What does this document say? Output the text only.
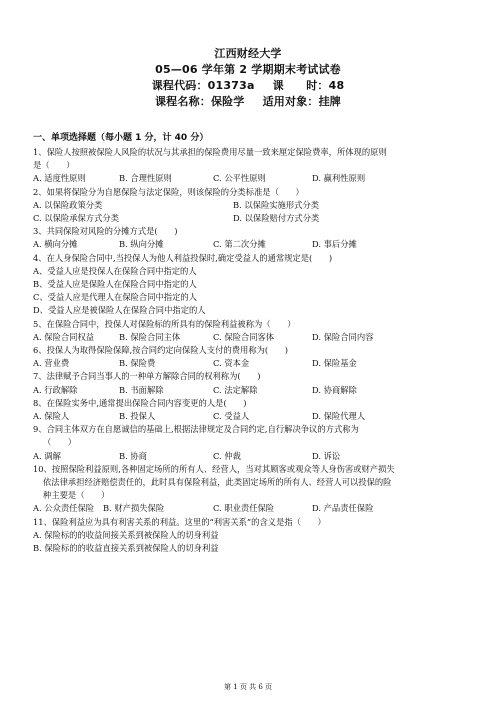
江西财经大学
05—06 学年第 2 学期期末考试试卷
课程代码：01373a 课　　时：48
课程名称：保险学 适用对象：挂牌
一、单项选择题（每小题 1 分，计 40 分）
1、保险人按照被保险人风险的状况与其承担的保险费用尽量一致来厘定保险费率，所体现的原则
是（　　）
A. 适度性原则	B. 合理性原则	C. 公平性原则	D. 赢利性原则
2、如果将保险分为自愿保险与法定保险，则该保险的分类标准是（　　）
A. 以保险政策分类	B. 以保险实施形式分类
C. 以保险承保方式分类	D. 以保险赔付方式分类
3、共同保险对风险的分摊方式是(　　)
A. 横向分摊	B. 纵向分摊	C. 第二次分摊	D. 事后分摊
4、在人身保险合同中,当投保人为他人利益投保时,确定受益人的通常规定是(　　)
A、受益人应是投保人在保险合同中指定的人
B、受益人应是保险人在保险合同中指定的人
C、受益人应是代理人在保险合同中指定的人
D、受益人应是被保险人在保险合同中指定的人
5、在保险合同中，投保人对保险标的所具有的保险利益被称为（　　）
A. 保险合同权益	B. 保险合同主体	C. 保险合同客体	D. 保险合同内容
6、投保人为取得保险保障,按合同约定向保险人支付的费用称为(　　)
A. 营业费	B. 保险费	C. 资本金	D. 保险基金
7、法律赋予合同当事人的一种单方解除合同的权利称为(　　)
A. 行政解除	B. 书面解除	C. 法定解除	D. 协商解除
8、在保险实务中,通常提出保险合同内容变更的人是(　　)
A. 保险人	B. 投保人	C. 受益人	D. 保险代理人
9、合同主体双方在自愿诚信的基础上,根据法律规定及合同约定,自行解决争议的方式称为
（　　）
A. 调解	B. 协商	C. 仲裁	D. 诉讼
10、按照保险利益原则,各种固定场所的所有人、经营人，当对其顾客或观众等人身伤害或财产损失
依法律承担经济赔偿责任的，此时具有保险利益，此类固定场所的所有人、经营人可以投保的险
种主要是（　　）
A. 公众责任保险	B. 财产损失保险	C. 职业责任保险	D. 产品责任保险
11、保险利益应为具有利害关系的利益。这里的“利害关系”的含义是指（　　）
A. 保险标的的收益间接关系到被保险人的切身利益
B. 保险标的的收益直接关系到被保险人的切身利益
第 1 页 共 6 页
